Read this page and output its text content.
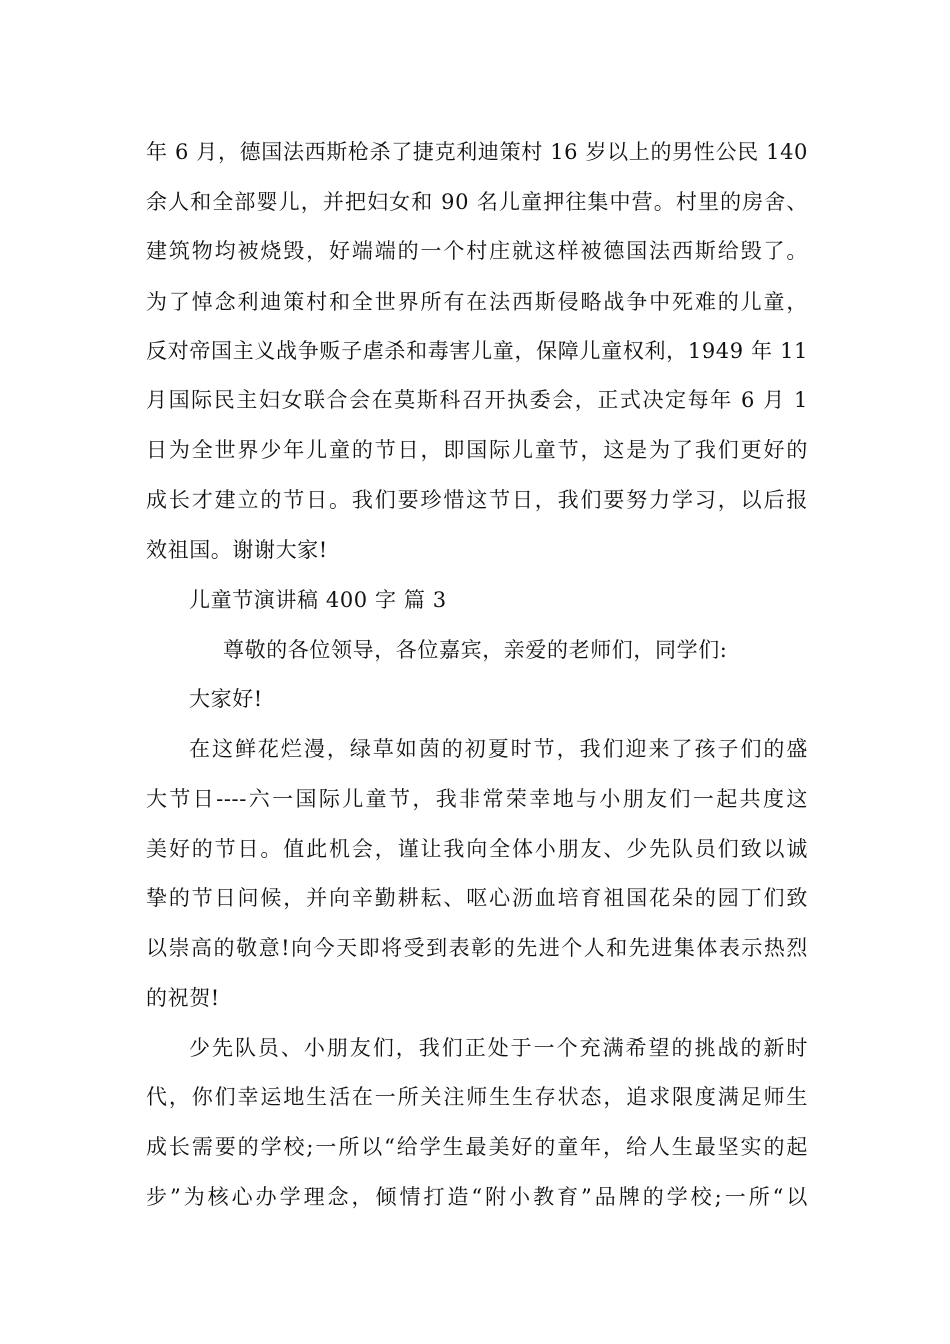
年 6 月，德国法西斯枪杀了捷克利迪策村 16 岁以上的男性公民 140
余人和全部婴儿，并把妇女和 90 名儿童押往集中营。村里的房舍、
建筑物均被烧毁，好端端的一个村庄就这样被德国法西斯给毁了。
为了悼念利迪策村和全世界所有在法西斯侵略战争中死难的儿童，
反对帝国主义战争贩子虐杀和毒害儿童，保障儿童权利，1949 年 11
月国际民主妇女联合会在莫斯科召开执委会，正式决定每年 6 月 1
日为全世界少年儿童的节日，即国际儿童节，这是为了我们更好的
成长才建立的节日。我们要珍惜这节日，我们要努力学习，以后报
效祖国。谢谢大家!
儿童节演讲稿 400 字 篇 3
尊敬的各位领导，各位嘉宾，亲爱的老师们，同学们:
大家好!
在这鲜花烂漫，绿草如茵的初夏时节，我们迎来了孩子们的盛
大节日----六一国际儿童节，我非常荣幸地与小朋友们一起共度这
美好的节日。值此机会，谨让我向全体小朋友、少先队员们致以诚
挚的节日问候，并向辛勤耕耘、呕心沥血培育祖国花朵的园丁们致
以崇高的敬意!向今天即将受到表彰的先进个人和先进集体表示热烈
的祝贺!
少先队员、小朋友们，我们正处于一个充满希望的挑战的新时
代，你们幸运地生活在一所关注师生生存状态，追求限度满足师生
成长需要的学校;一所以“给学生最美好的童年，给人生最坚实的起
步”为核心办学理念，倾情打造“附小教育”品牌的学校;一所“以
